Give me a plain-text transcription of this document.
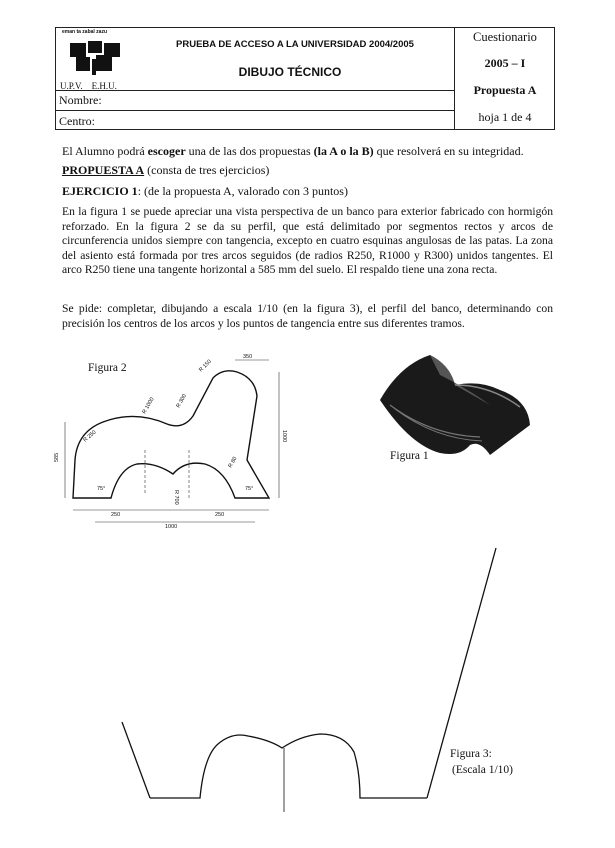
eman ta zabal zazu
U.P.V. E.H.U.
PRUEBA DE ACCESO A LA UNIVERSIDAD 2004/2005
DIBUJO TÉCNICO
Nombre:
Centro:
Cuestionario
2005 – I
Propuesta A
hoja 1 de 4
El Alumno podrá escoger una de las dos propuestas (la A o la B) que resolverá en su integridad.
PROPUESTA A (consta de tres ejercicios)
EJERCICIO 1: (de la propuesta A, valorado con 3 puntos)

En la figura 1 se puede apreciar una vista perspectiva de un banco para exterior fabricado con hormigón reforzado. En la figura 2 se da su perfil, que está delimitado por segmentos rectos y arcos de circunferencia unidos siempre con tangencia, excepto en cuatro esquinas angulosas de las patas. La zona del asiento está formada por tres arcos seguidos (de radios R250, R1000 y R300) unidos tangentes. El arco R250 tiene una tangente horizontal a 585 mm del suelo. El respaldo tiene una zona recta.

Se pide: completar, dibujando a escala 1/10 (en la figura 3), el perfil del banco, determinando con precisión los centros de los arcos y los puntos de tangencia entre sus diferentes tramos.

Figura 2
585
1000
250	250
1000
350
R 250
R 1000	R 300
R 150
R 80
R 700
75°	75°
Figura 1
Figura 3:
(Escala 1/10)
